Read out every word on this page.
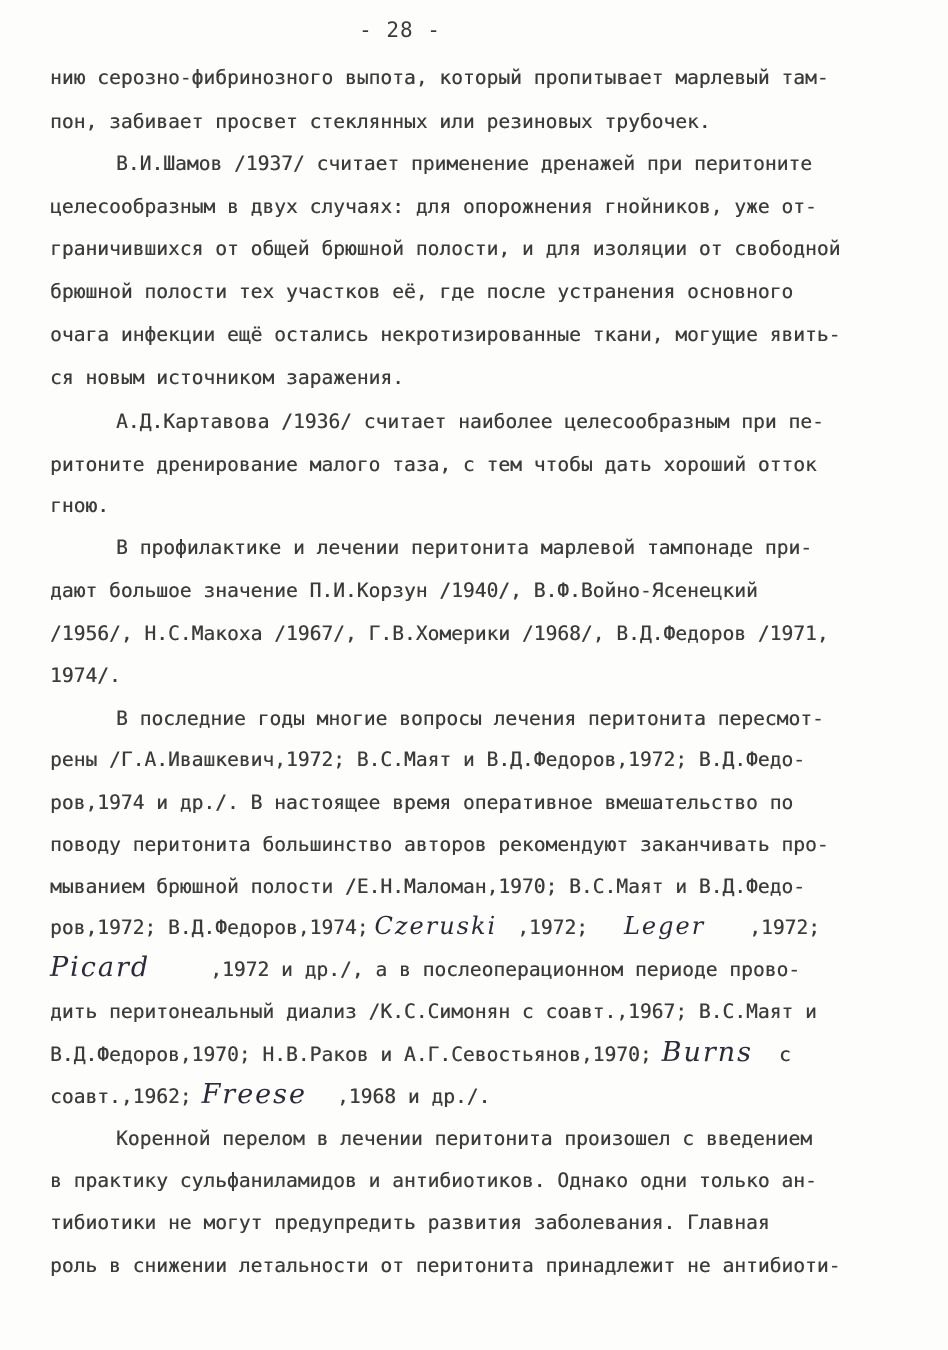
- 28 -
нию серозно-фибринозного выпота, который пропитывает марлевый там-
пон, забивает просвет стеклянных или резиновых трубочек.
В.И.Шамов /1937/ считает применение дренажей при перитоните
целесообразным в двух случаях: для опорожнения гнойников, уже от-
граничившихся от общей брюшной полости, и для изоляции от свободной
брюшной полости тех участков её, где после устранения основного
очага инфекции ещё остались некротизированные ткани, могущие явить-
ся новым источником заражения.
А.Д.Картавова /1936/ считает наиболее целесообразным при пе-
ритоните дренирование малого таза, с тем чтобы дать хороший отток
гною.
В профилактике и лечении перитонита марлевой тампонаде при-
дают большое значение П.И.Корзун /1940/, В.Ф.Войно-Ясенецкий
/1956/, Н.С.Макоха /1967/, Г.В.Хомерики /1968/, В.Д.Федоров /1971,
1974/.
В последние годы многие вопросы лечения перитонита пересмот-
рены /Г.А.Ивашкевич,1972; В.С.Маят и В.Д.Федоров,1972; В.Д.Федо-
ров,1974 и др./. В настоящее время оперативное вмешательство по
поводу перитонита большинство авторов рекомендуют заканчивать про-
мыванием брюшной полости /Е.Н.Маломан,1970; В.С.Маят и В.Д.Федо-
ров,1972; В.Д.Федоров,1974; Czeruski ,1972; Leger ,1972;
Picard	,1972 и др./, а в послеоперационном периоде прово-
дить перитонеальный диализ /К.С.Симонян с соавт.,1967; В.С.Маят и
В.Д.Федоров,1970; Н.В.Раков и А.Г.Севостьянов,1970; Burns с
соавт.,1962; Freese ,1968 и др./.
Коренной перелом в лечении перитонита произошел с введением
в практику сульфаниламидов и антибиотиков. Однако одни только ан-
тибиотики не могут предупредить развития заболевания. Главная
роль в снижении летальности от перитонита принадлежит не антибиоти-
